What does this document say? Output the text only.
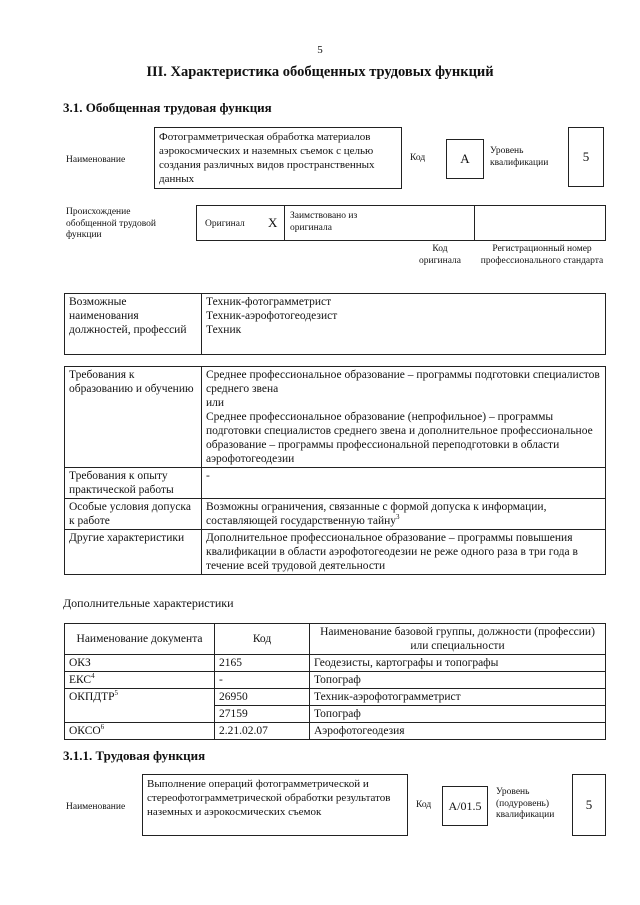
5
III. Характеристика обобщенных трудовых функций
3.1. Обобщенная трудовая функция
Наименование
Фотограмметрическая обработка материалов аэрокосмических и наземных съемок с целью создания различных видов пространственных данных
Код	A	Уровень квалификации	5
Происхождение обобщенной трудовой функции
Оригинал X Заимствовано из оригинала
Код оригинала
Регистрационный номер профессионального стандарта
Возможные наименования должностей, профессий	
Техник-фотограмметрист
Техник-аэрофотогеодезист
Техник
Требования к образованию и обучению	Среднее профессиональное образование – программы подготовки специалистов среднего звена
или
Среднее профессиональное образование (непрофильное) – программы подготовки специалистов среднего звена и дополнительное профессиональное образование – программы профессиональной переподготовки в области аэрофотогеодезии
Требования к опыту практической работы	-
Особые условия допуска к работе	Возможны ограничения, связанные с формой допуска к информации, составляющей государственную тайну$^3$
Другие характеристики	Дополнительное профессиональное образование – программы повышения квалификации в области аэрофотогеодезии не реже одного раза в три года в течение всей трудовой деятельности
Дополнительные характеристики
Наименование документа	Код	Наименование базовой группы, должности (профессии) или специальности
ОКЗ	2165	Геодезисты, картографы и топографы
ЕКС$^4$	-	Топограф
ОКПДТР$^5$	26950	Техник-аэрофотограмметрист
	27159	Топограф
ОКСО$^6$	2.21.02.07	Аэрофотогеодезия
3.1.1. Трудовая функция
Наименование
Выполнение операций фотограмметрической и стереофотограмметрической обработки результатов наземных и аэрокосмических съемок
Код	A/01.5
Уровень (подуровень) квалификации
5
